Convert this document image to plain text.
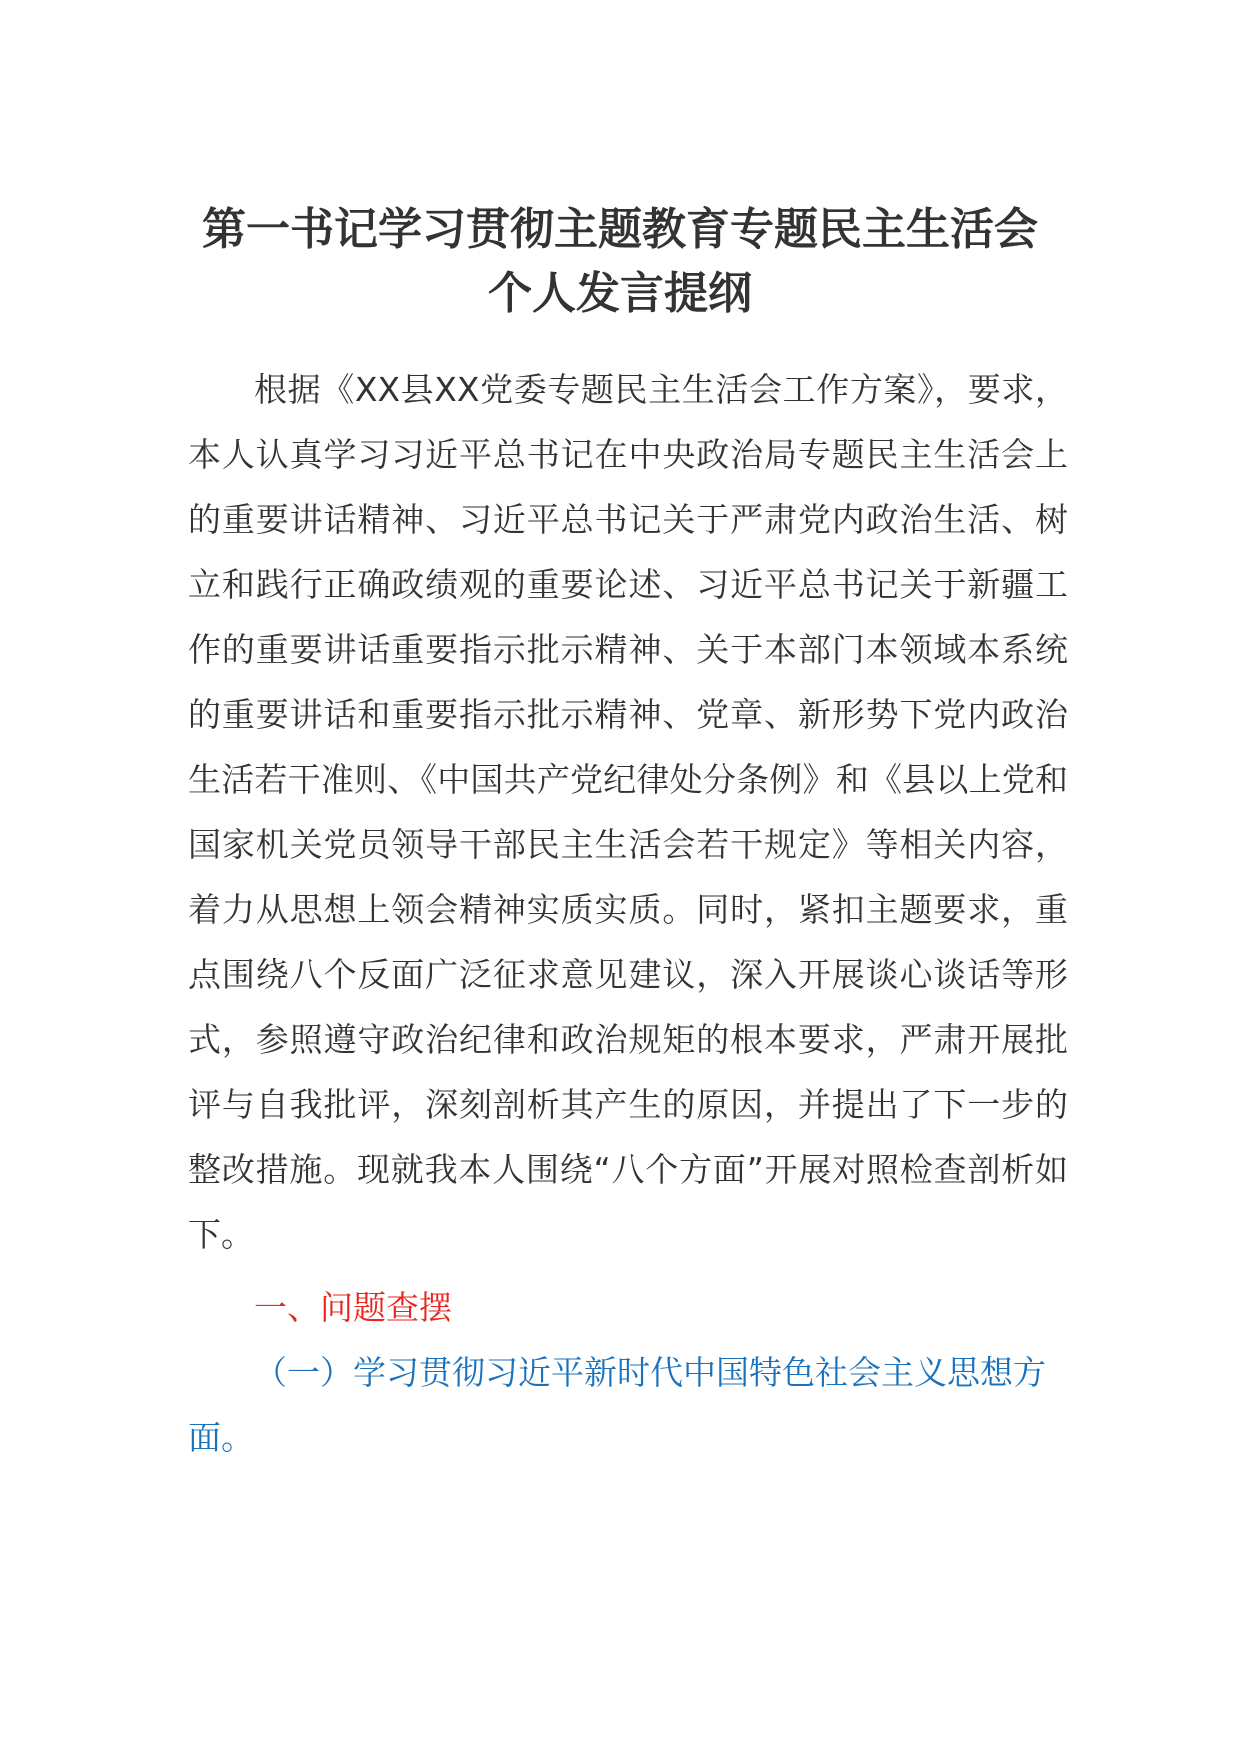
第一书记学习贯彻主题教育专题民主生活会
个人发言提纲

根据《XX县XX党委专题民主生活会工作方案》，要求，本人认真学习习近平总书记在中央政治局专题民主生活会上的重要讲话精神、习近平总书记关于严肃党内政治生活、树立和践行正确政绩观的重要论述、习近平总书记关于新疆工作的重要讲话重要指示批示精神、关于本部门本领域本系统的重要讲话和重要指示批示精神、党章、新形势下党内政治生活若干准则、《中国共产党纪律处分条例》和《县以上党和国家机关党员领导干部民主生活会若干规定》等相关内容，着力从思想上领会精神实质实质。同时，紧扣主题要求，重点围绕八个反面广泛征求意见建议，深入开展谈心谈话等形式，参照遵守政治纪律和政治规矩的根本要求，严肃开展批评与自我批评，深刻剖析其产生的原因，并提出了下一步的整改措施。现就我本人围绕“八个方面”开展对照检查剖析如下。

一、问题查摆

（一）学习贯彻习近平新时代中国特色社会主义思想方面。
